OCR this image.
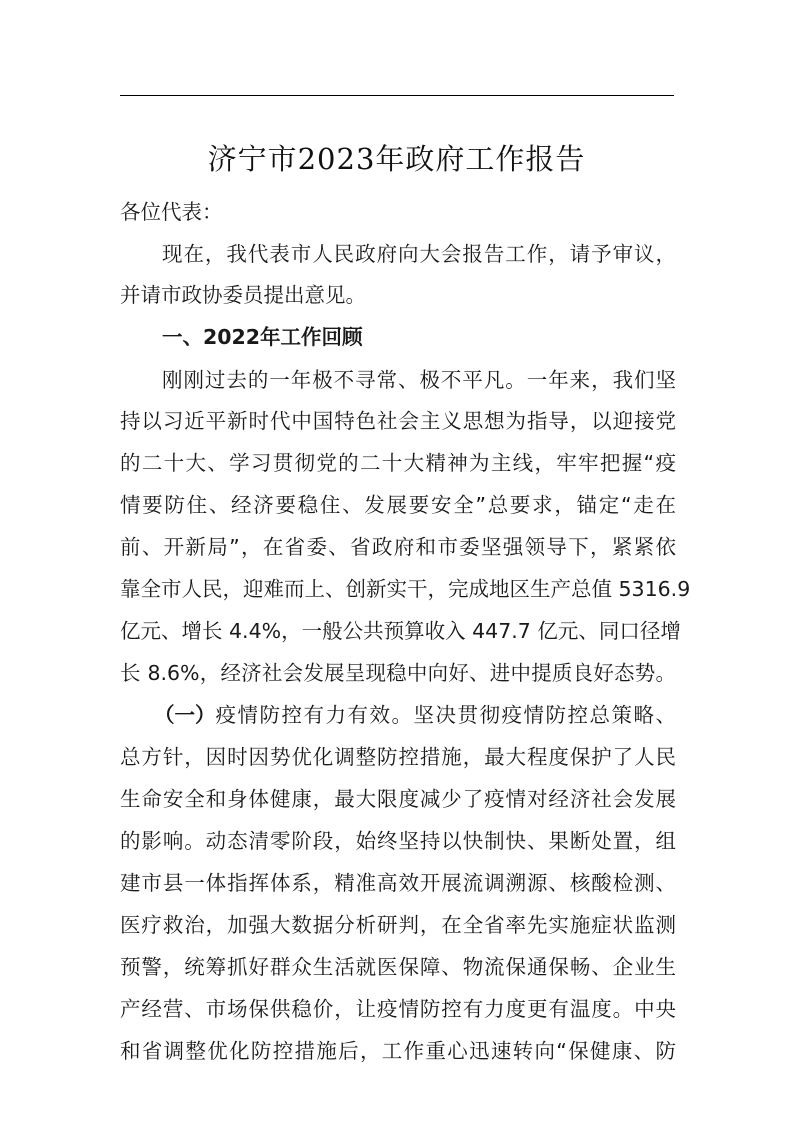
济宁市2023年政府工作报告
各位代表：
现在，我代表市人民政府向大会报告工作，请予审议，
并请市政协委员提出意见。
一、2022年工作回顾
刚刚过去的一年极不寻常、极不平凡。一年来，我们坚
持以习近平新时代中国特色社会主义思想为指导，以迎接党
的二十大、学习贯彻党的二十大精神为主线，牢牢把握“疫
情要防住、经济要稳住、发展要安全”总要求，锚定“走在
前、开新局”，在省委、省政府和市委坚强领导下，紧紧依
靠全市人民，迎难而上、创新实干，完成地区生产总值 5316.9
亿元、增长 4.4%，一般公共预算收入 447.7 亿元、同口径增
长 8.6%，经济社会发展呈现稳中向好、进中提质良好态势。
（一） 疫情防控有力有效。坚决贯彻疫情防控总策略、
总方针，因时因势优化调整防控措施，最大程度保护了人民
生命安全和身体健康，最大限度减少了疫情对经济社会发展
的影响。动态清零阶段，始终坚持以快制快、果断处置，组
建市县一体指挥体系，精准高效开展流调溯源、核酸检测、
医疗救治，加强大数据分析研判，在全省率先实施症状监测
预警，统筹抓好群众生活就医保障、物流保通保畅、企业生
产经营、市场保供稳价，让疫情防控有力度更有温度。中央
和省调整优化防控措施后，工作重心迅速转向“保健康、防
